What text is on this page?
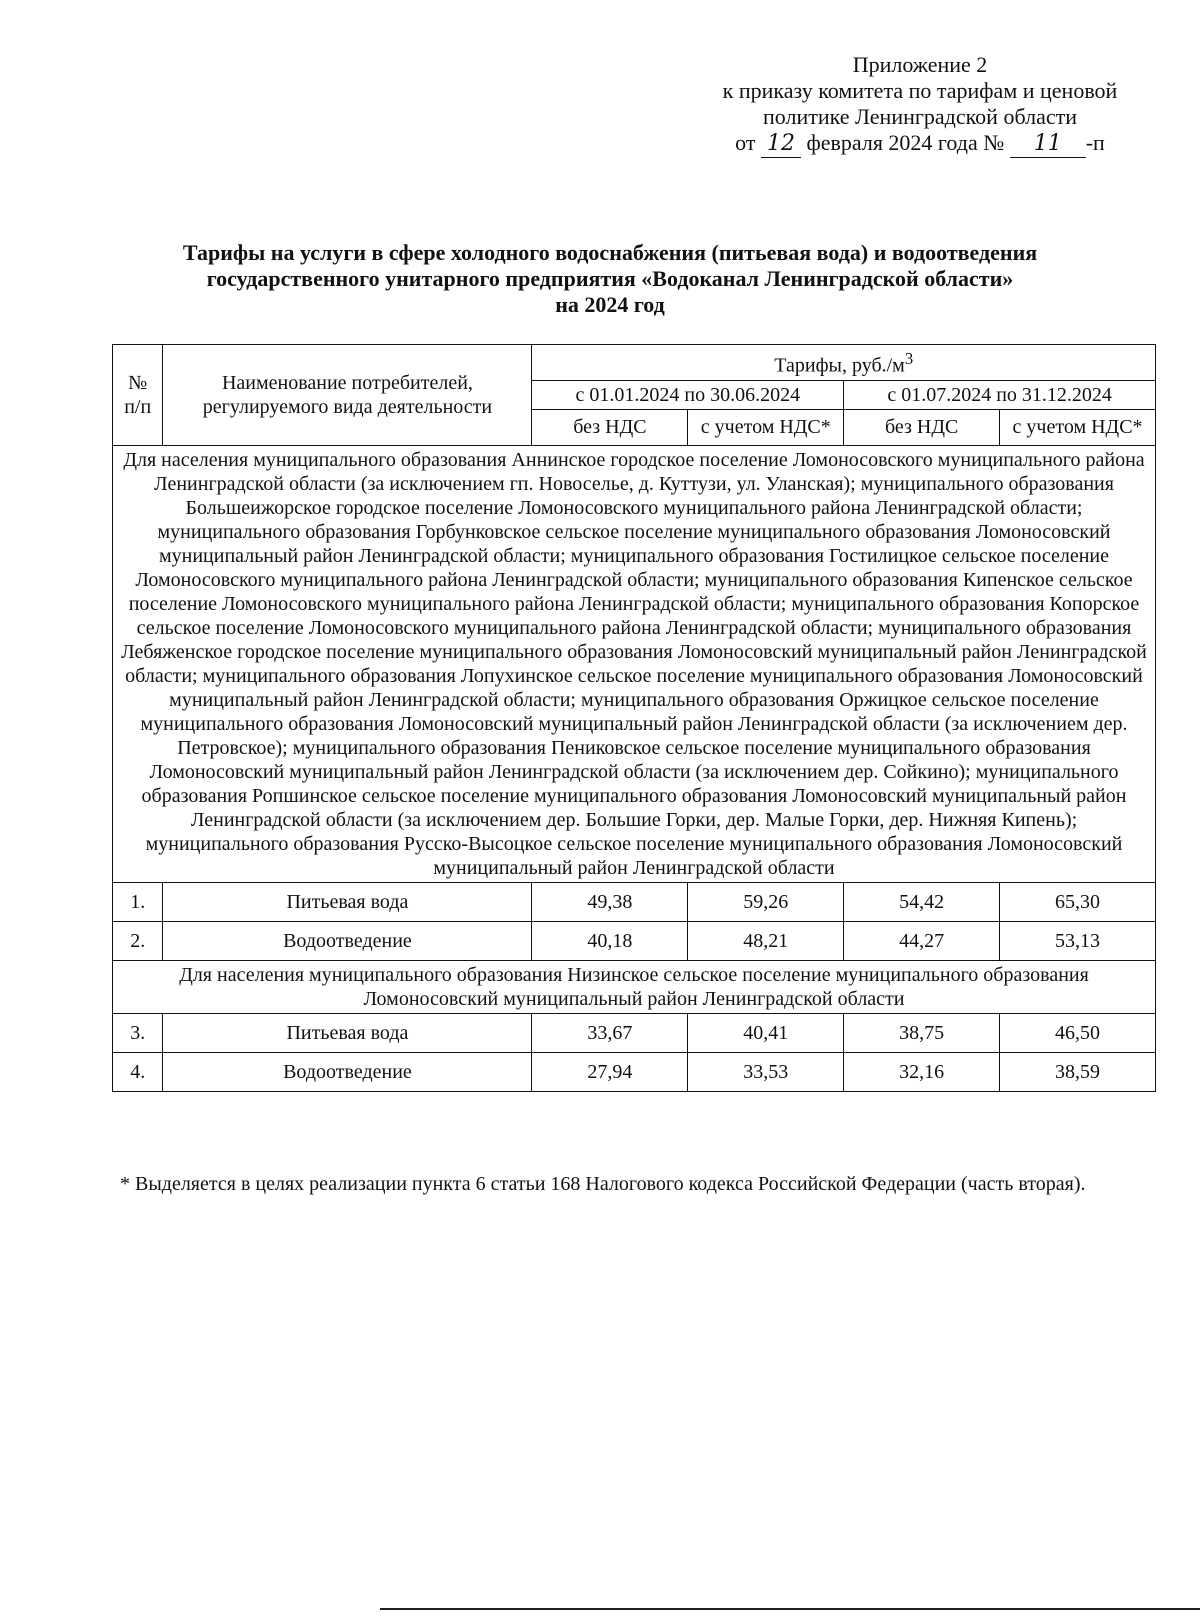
Приложение 2
к приказу комитета по тарифам и ценовой
политике Ленинградской области
от 12 февраля 2024 года № 11 -п
Тарифы на услуги в сфере холодного водоснабжения (питьевая вода) и водоотведения
государственного унитарного предприятия «Водоканал Ленинградской области»
на 2024 год
№
п/п	Наименование потребителей, регулируемого вида деятельности	Тарифы, $руб./м^3$
		с 01.01.2024 по 30.06.2024		с 01.07.2024 по 31.12.2024	
		без НДС	с учетом НДС*	без НДС	с учетом НДС*
Для населения муниципального образования Аннинское городское поселение Ломоносовского муниципального района Ленинградской области (за исключением гп. Новоселье, д. Куттузи, ул. Уланская); муниципального образования Большеижорское городское поселение Ломоносовского муниципального района Ленинградской области; муниципального образования Горбунковское сельское поселение муниципального образования Ломоносовский муниципальный район Ленинградской области; муниципального образования Гостилицкое сельское поселение Ломоносовского муниципального района Ленинградской области; муниципального образования Кипенское сельское поселение Ломоносовского муниципального района Ленинградской области; муниципального образования Копорское сельское поселение Ломоносовского муниципального района Ленинградской области; муниципального образования Лебяженское городское поселение муниципального образования Ломоносовский муниципальный район Ленинградской области; муниципального образования Лопухинское сельское поселение муниципального образования Ломоносовский муниципальный район Ленинградской области; муниципального образования Оржицкое сельское поселение муниципального образования Ломоносовский муниципальный район Ленинградской области (за исключением дер. Петровское); муниципального образования Пениковское сельское поселение муниципального образования Ломоносовский муниципальный район Ленинградской области (за исключением дер. Сойкино); муниципального образования Ропшинское сельское поселение муниципального образования Ломоносовский муниципальный район Ленинградской области (за исключением дер. Большие Горки, дер. Малые Горки, дер. Нижняя Кипень); муниципального образования Русско-Высоцкое сельское поселение муниципального образования Ломоносовский муниципальный район Ленинградской области					
1.	Питьевая вода	49,38	59,26	54,42	65,30
2.	Водоотведение	40,18	48,21	44,27	53,13
Для населения муниципального образования Низинское сельское поселение муниципального образования Ломоносовский муниципальный район Ленинградской области					
3.	Питьевая вода	33,67	40,41	38,75	46,50
4.	Водоотведение	27,94	33,53	32,16	38,59
* Выделяется в целях реализации пункта 6 статьи 168 Налогового кодекса Российской Федерации (часть вторая).
